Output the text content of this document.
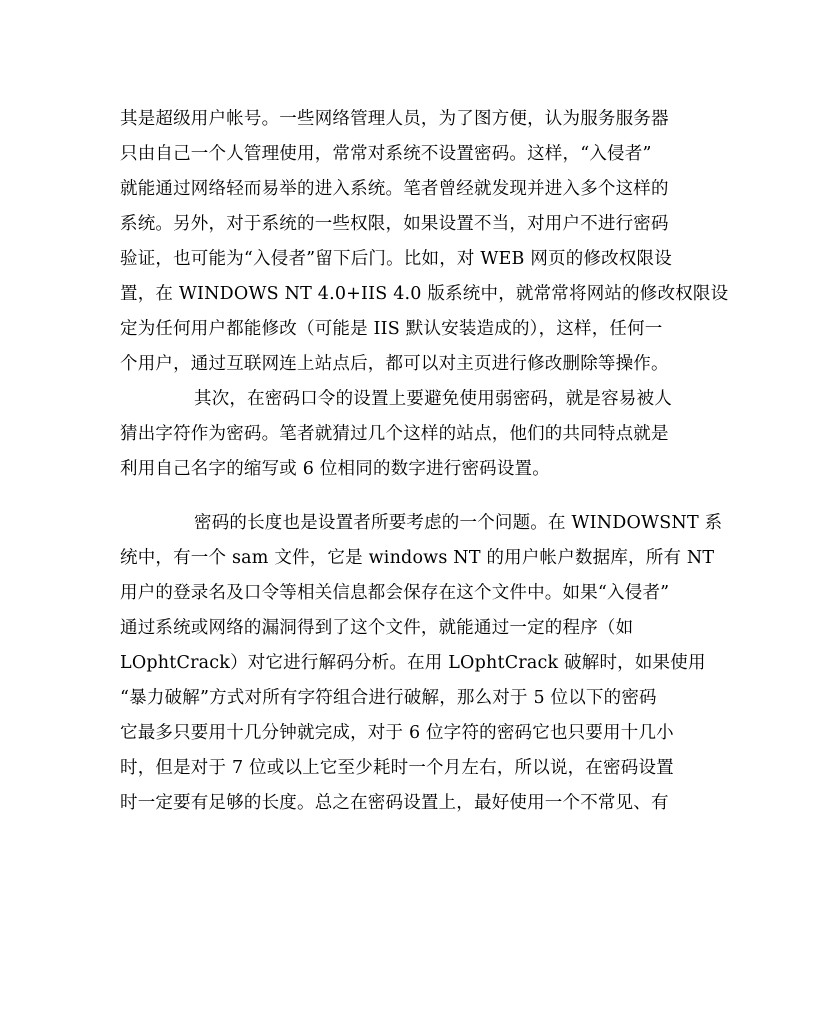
其是超级用户帐号。一些网络管理人员，为了图方便，认为服务服务器
只由自己一个人管理使用，常常对系统不设置密码。这样，“入侵者”
就能通过网络轻而易举的进入系统。笔者曾经就发现并进入多个这样的
系统。另外，对于系统的一些权限，如果设置不当，对用户不进行密码
验证，也可能为“入侵者”留下后门。比如，对 WEB 网页的修改权限设
置，在 WINDOWS NT 4.0+IIS 4.0 版系统中，就常常将网站的修改权限设
定为任何用户都能修改（可能是 IIS 默认安装造成的），这样，任何一
个用户，通过互联网连上站点后，都可以对主页进行修改删除等操作。
其次，在密码口令的设置上要避免使用弱密码，就是容易被人
猜出字符作为密码。笔者就猜过几个这样的站点，他们的共同特点就是
利用自己名字的缩写或 6 位相同的数字进行密码设置。
密码的长度也是设置者所要考虑的一个问题。在 WINDOWSNT 系
统中，有一个 sam 文件，它是 windows NT 的用户帐户数据库，所有 NT
用户的登录名及口令等相关信息都会保存在这个文件中。如果“入侵者”
通过系统或网络的漏洞得到了这个文件，就能通过一定的程序（如
LOphtCrack）对它进行解码分析。在用 LOphtCrack 破解时，如果使用
“暴力破解”方式对所有字符组合进行破解，那么对于 5 位以下的密码
它最多只要用十几分钟就完成，对于 6 位字符的密码它也只要用十几小
时，但是对于 7 位或以上它至少耗时一个月左右，所以说，在密码设置
时一定要有足够的长度。总之在密码设置上，最好使用一个不常见、有
